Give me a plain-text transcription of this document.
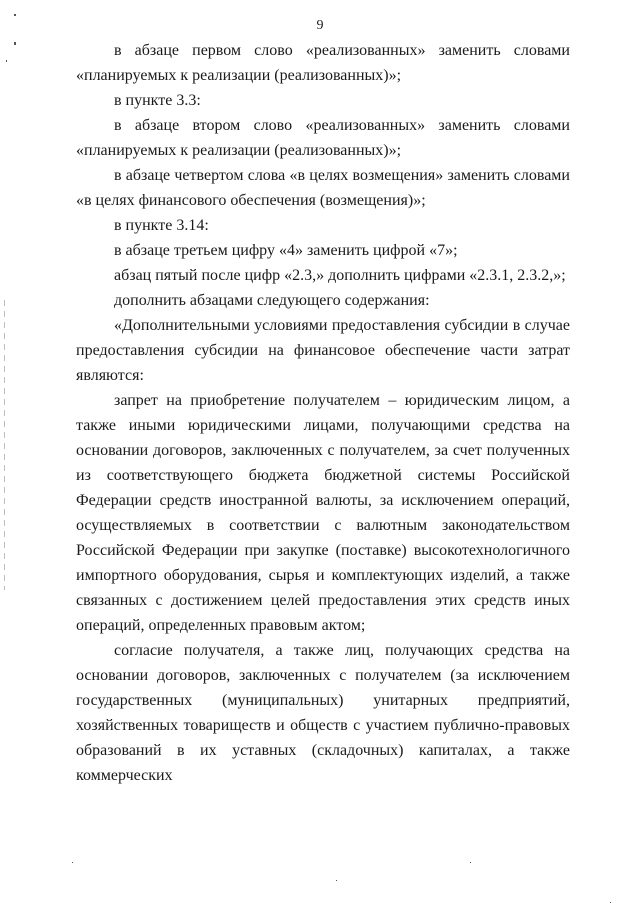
9

в абзаце первом слово «реализованных» заменить словами «планируемых к реализации (реализованных)»;

в пункте 3.3:

в абзаце втором слово «реализованных» заменить словами «планируемых к реализации (реализованных)»;

в абзаце четвертом слова «в целях возмещения» заменить словами «в целях финансового обеспечения (возмещения)»;

в пункте 3.14:

в абзаце третьем цифру «4» заменить цифрой «7»;

абзац пятый после цифр «2.3,» дополнить цифрами «2.3.1, 2.3.2,»;

дополнить абзацами следующего содержания:

«Дополнительными условиями предоставления субсидии в случае предоставления субсидии на финансовое обеспечение части затрат являются:

запрет на приобретение получателем – юридическим лицом, а также иными юридическими лицами, получающими средства на основании договоров, заключенных с получателем, за счет полученных из соответствующего бюджета бюджетной системы Российской Федерации средств иностранной валюты, за исключением операций, осуществляемых в соответствии с валютным законодательством Российской Федерации при закупке (поставке) высокотехнологичного импортного оборудования, сырья и комплектующих изделий, а также связанных с достижением целей предоставления этих средств иных операций, определенных правовым актом;

согласие получателя, а также лиц, получающих средства на основании договоров, заключенных с получателем (за исключением государственных (муниципальных) унитарных предприятий, хозяйственных товариществ и обществ с участием публично-правовых образований в их уставных (складочных) капиталах, а также коммерческих
